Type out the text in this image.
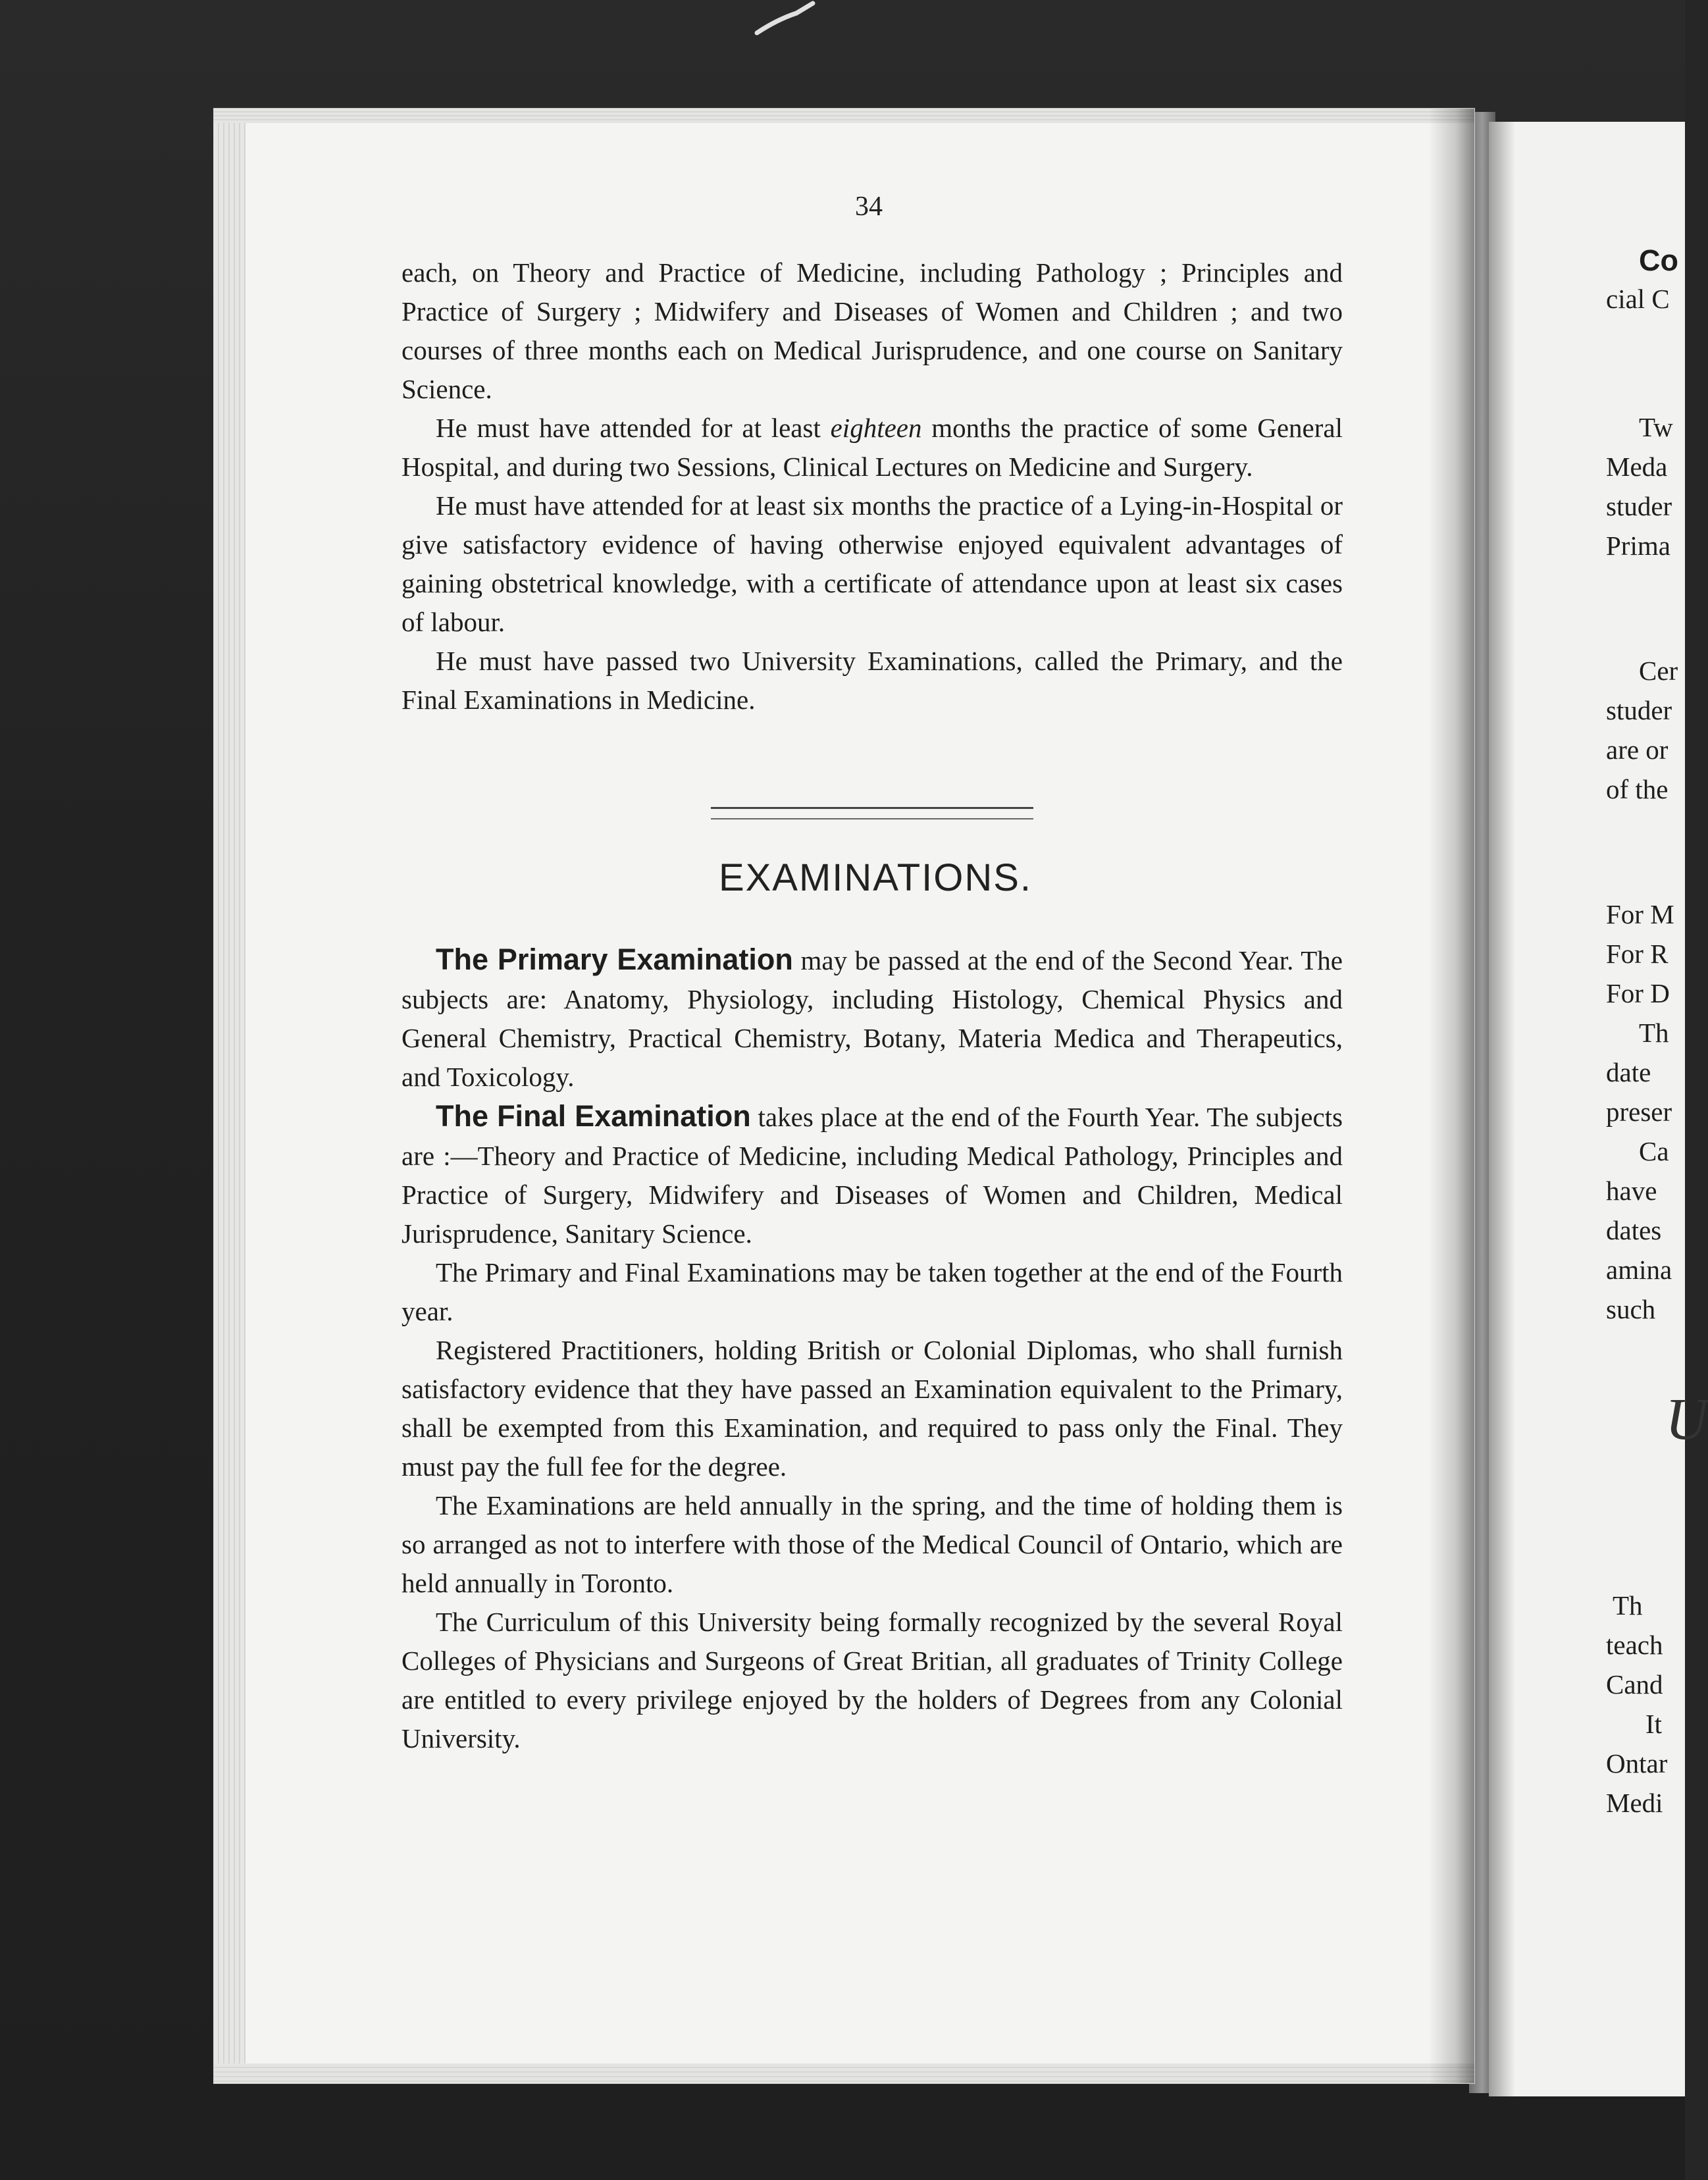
34

each, on Theory and Practice of Medicine, including Pathology ; Principles and Practice of Surgery ; Midwifery and Diseases of Women and Children ; and two courses of three months each on Medical Jurisprudence, and one course on Sanitary Science.

He must have attended for at least eighteen months the practice of some General Hospital, and during two Sessions, Clinical Lectures on Medicine and Surgery.

He must have attended for at least six months the practice of a Lying-in-Hospital or give satisfactory evidence of having otherwise enjoyed equivalent advantages of gaining obstetrical knowledge, with a certificate of attendance upon at least six cases of labour.

He must have passed two University Examinations, called the Primary, and the Final Examinations in Medicine.

EXAMINATIONS.

The Primary Examination may be passed at the end of the Second Year. The subjects are: Anatomy, Physiology, including Histology, Chemical Physics and General Chemistry, Practical Chemistry, Botany, Materia Medica and Therapeutics, and Toxicology.

The Final Examination takes place at the end of the Fourth Year. The subjects are :—Theory and Practice of Medicine, including Medical Pathology, Principles and Practice of Surgery, Midwifery and Diseases of Women and Children, Medical Jurisprudence, Sanitary Science.

The Primary and Final Examinations may be taken together at the end of the Fourth year.

Registered Practitioners, holding British or Colonial Diplomas, who shall furnish satisfactory evidence that they have passed an Examination equivalent to the Primary, shall be exempted from this Examination, and required to pass only the Final. They must pay the full fee for the degree.

The Examinations are held annually in the spring, and the time of holding them is so arranged as not to interfere with those of the Medical Council of Ontario, which are held annually in Toronto.

The Curriculum of this University being formally recognized by the several Royal Colleges of Physicians and Surgeons of Great Britian, all graduates of Trinity College are entitled to every privilege enjoyed by the holders of Degrees from any Colonial University.

Co
cial C
Tw
Meda
studer
Prima
Cer
studer
are or
of the
For M
For R
For D
Th
date
preser
Ca
have
dates
amina
such
U
Th
teach
Cand
It
Ontar
Medi
